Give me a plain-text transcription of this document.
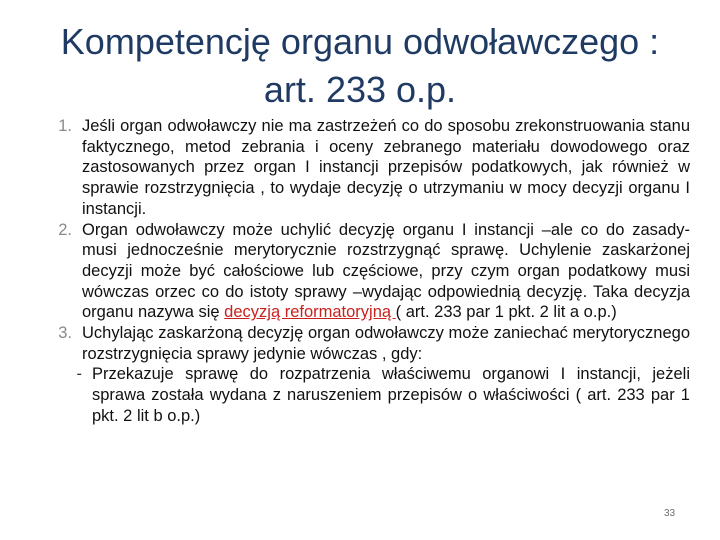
Kompetencję organu odwoławczego :
art. 233 o.p.

1. Jeśli organ odwoławczy nie ma zastrzeżeń co do sposobu zrekonstruowania stanu faktycznego, metod zebrania i oceny zebranego materiału dowodowego oraz zastosowanych przez organ I instancji przepisów podatkowych, jak również w sprawie rozstrzygnięcia , to wydaje decyzję o utrzymaniu w mocy decyzji organu I instancji.

2. Organ odwoławczy może uchylić decyzję organu I instancji –ale co do zasady- musi jednocześnie merytorycznie rozstrzygnąć sprawę. Uchylenie zaskarżonej decyzji może być całościowe lub częściowe, przy czym organ podatkowy musi wówczas orzec co do istoty sprawy –wydając odpowiednią decyzję. Taka decyzja organu nazywa się decyzją reformatoryjną ( art. 233 par 1 pkt. 2 lit a o.p.)

3. Uchylając zaskarżoną decyzję organ odwoławczy może zaniechać merytorycznego rozstrzygnięcia sprawy jedynie wówczas , gdy:

- Przekazuje sprawę do rozpatrzenia właściwemu organowi I instancji, jeżeli sprawa została wydana z naruszeniem przepisów o właściwości ( art. 233 par 1 pkt. 2 lit b o.p.)

33
